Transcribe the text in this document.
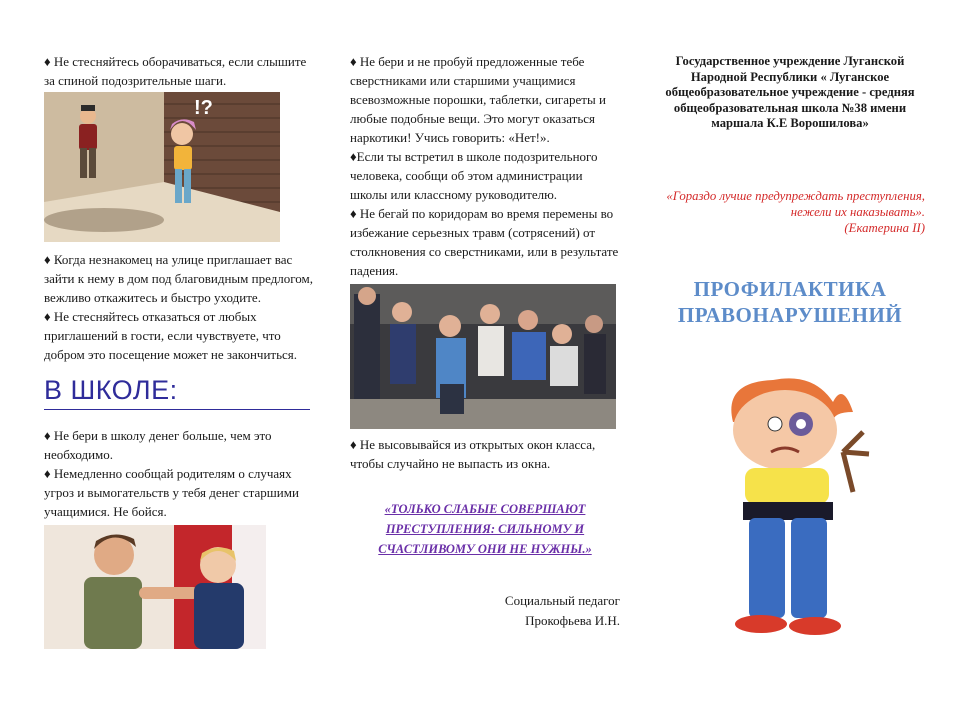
♦ Не стесняйтесь оборачиваться, если слышите за спиной подозрительные шаги.

!?

♦ Когда незнакомец на улице приглашает вас зайти к нему в дом под благовидным предлогом, вежливо откажитесь и быстро уходите.

♦ Не стесняйтесь отказаться от любых приглашений в гости, если чувствуете, что добром это посещение может не закончиться.

В ШКОЛЕ:

♦ Не бери в школу денег больше, чем это необходимо.

♦ Немедленно сообщай родителям о случаях угроз и вымогательств у тебя денег старшими учащимися. Не бойся.

♦ Не бери и не пробуй предложенные тебе сверстниками или старшими учащимися всевозможные порошки, таблетки, сигареты и любые подобные вещи. Это могут оказаться наркотики! Учись говорить: «Нет!».

♦Если ты встретил в школе подозрительного человека, сообщи об этом администрации школы или классному руководителю.

♦ Не бегай по коридорам во время перемены во избежание серьезных травм (сотрясений) от столкновения со сверстниками, или в результате падения.

♦ Не высовывайся из открытых окон класса, чтобы случайно не выпасть из окна.

«ТОЛЬКО СЛАБЫЕ СОВЕРШАЮТ ПРЕСТУПЛЕНИЯ: СИЛЬНОМУ И СЧАСТЛИВОМУ ОНИ НЕ НУЖНЫ.»

Социальный педагог

Прокофьева И.Н.

Государственное учреждение Луганской Народной Республики « Луганское общеобразовательное учреждение - средняя общеобразовательная школа №38 имени маршала К.Е Ворошилова»

«Гораздо лучше предупреждать преступления, нежели их наказывать».

(Екатерина II)

ПРОФИЛАКТИКА ПРАВОНАРУШЕНИЙ
